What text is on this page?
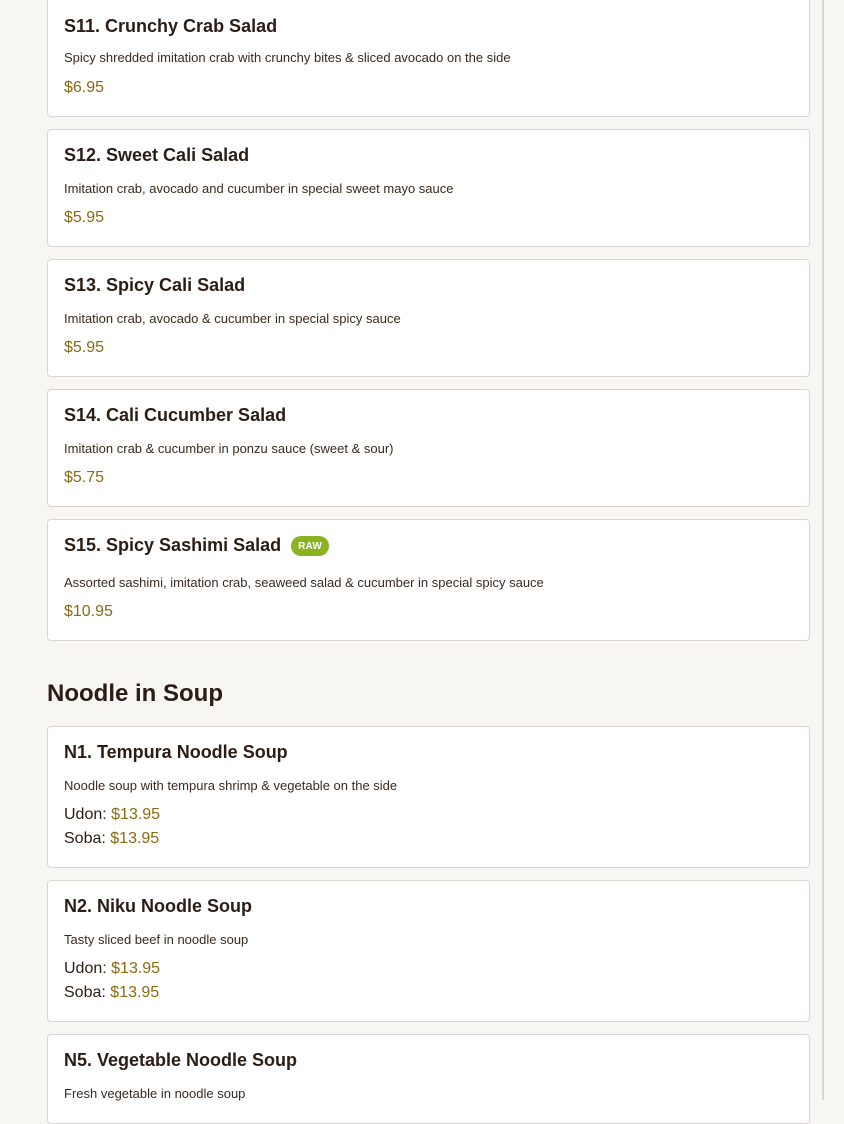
S11. Crunchy Crab Salad
Spicy shredded imitation crab with crunchy bites & sliced avocado on the side
$6.95
S12. Sweet Cali Salad
Imitation crab, avocado and cucumber in special sweet mayo sauce
$5.95
S13. Spicy Cali Salad
Imitation crab, avocado & cucumber in special spicy sauce
$5.95
S14. Cali Cucumber Salad
Imitation crab & cucumber in ponzu sauce (sweet & sour)
$5.75
S15. Spicy Sashimi Salad	RAW
Assorted sashimi, imitation crab, seaweed salad & cucumber in special spicy sauce
$10.95
Noodle in Soup
N1. Tempura Noodle Soup
Noodle soup with tempura shrimp & vegetable on the side
Udon: $13.95
Soba: $13.95
N2. Niku Noodle Soup
Tasty sliced beef in noodle soup
Udon: $13.95
Soba: $13.95
N5. Vegetable Noodle Soup
Fresh vegetable in noodle soup
